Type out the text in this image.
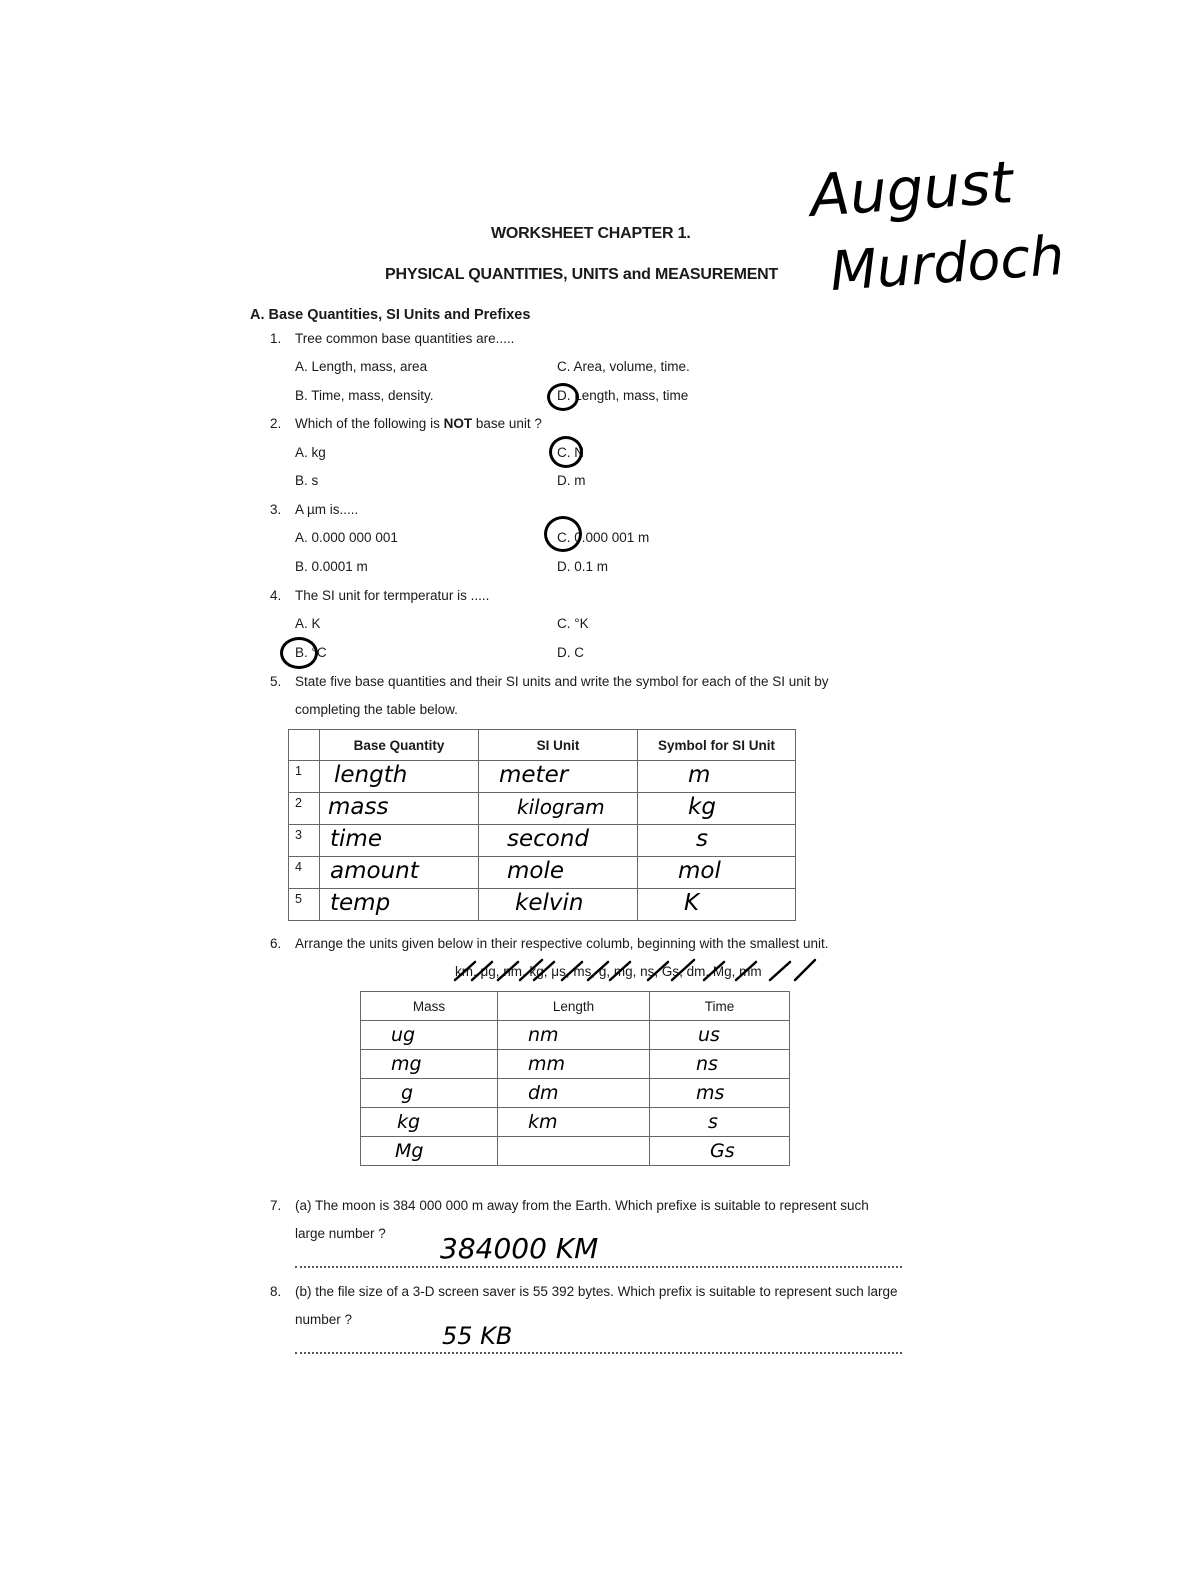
August
Murdoch
WORKSHEET CHAPTER 1.
PHYSICAL QUANTITIES, UNITS and MEASUREMENT
A. Base Quantities, SI Units and Prefixes
1. Tree common base quantities are.....
A. Length, mass, area	C. Area, volume, time.
B. Time, mass, density.	D. Length, mass, time
2. Which of the following is NOT base unit ?
A. kg	C. N
B. s	D. m
3. A µm is.....
A. 0.000 000 001	C. 0.000 001 m
B. 0.0001 m	D. 0.1 m
4. The SI unit for termperatur is .....
A. K	C. °K
B. °C	D. C
5. State five base quantities and their SI units and write the symbol for each of the SI unit by
completing the table below.
	Base Quantity	SI Unit	Symbol for SI Unit
1	length	meter	m

2	mass	kilogram	kg

3	time	second	s

4	amount	mole	mol

5	temp	kelvin	K
6. Arrange the units given below in their respective columb, beginning with the smallest unit.
km, μg, nm, kg, μs, ms, g, mg, ns, Gs, dm, Mg, mm
Mass	Length	Time

ug	nm	us

mg	mm	ns

g	dm	ms

kg	km	s

Mg		Gs
7. (a) The moon is 384 000 000 m away from the Earth. Which prefixe is suitable to represent such
large number ? 384000 KM
8. (b) the file size of a 3-D screen saver is 55 392 bytes. Which prefix is suitable to represent such large
number ?
55 KB
